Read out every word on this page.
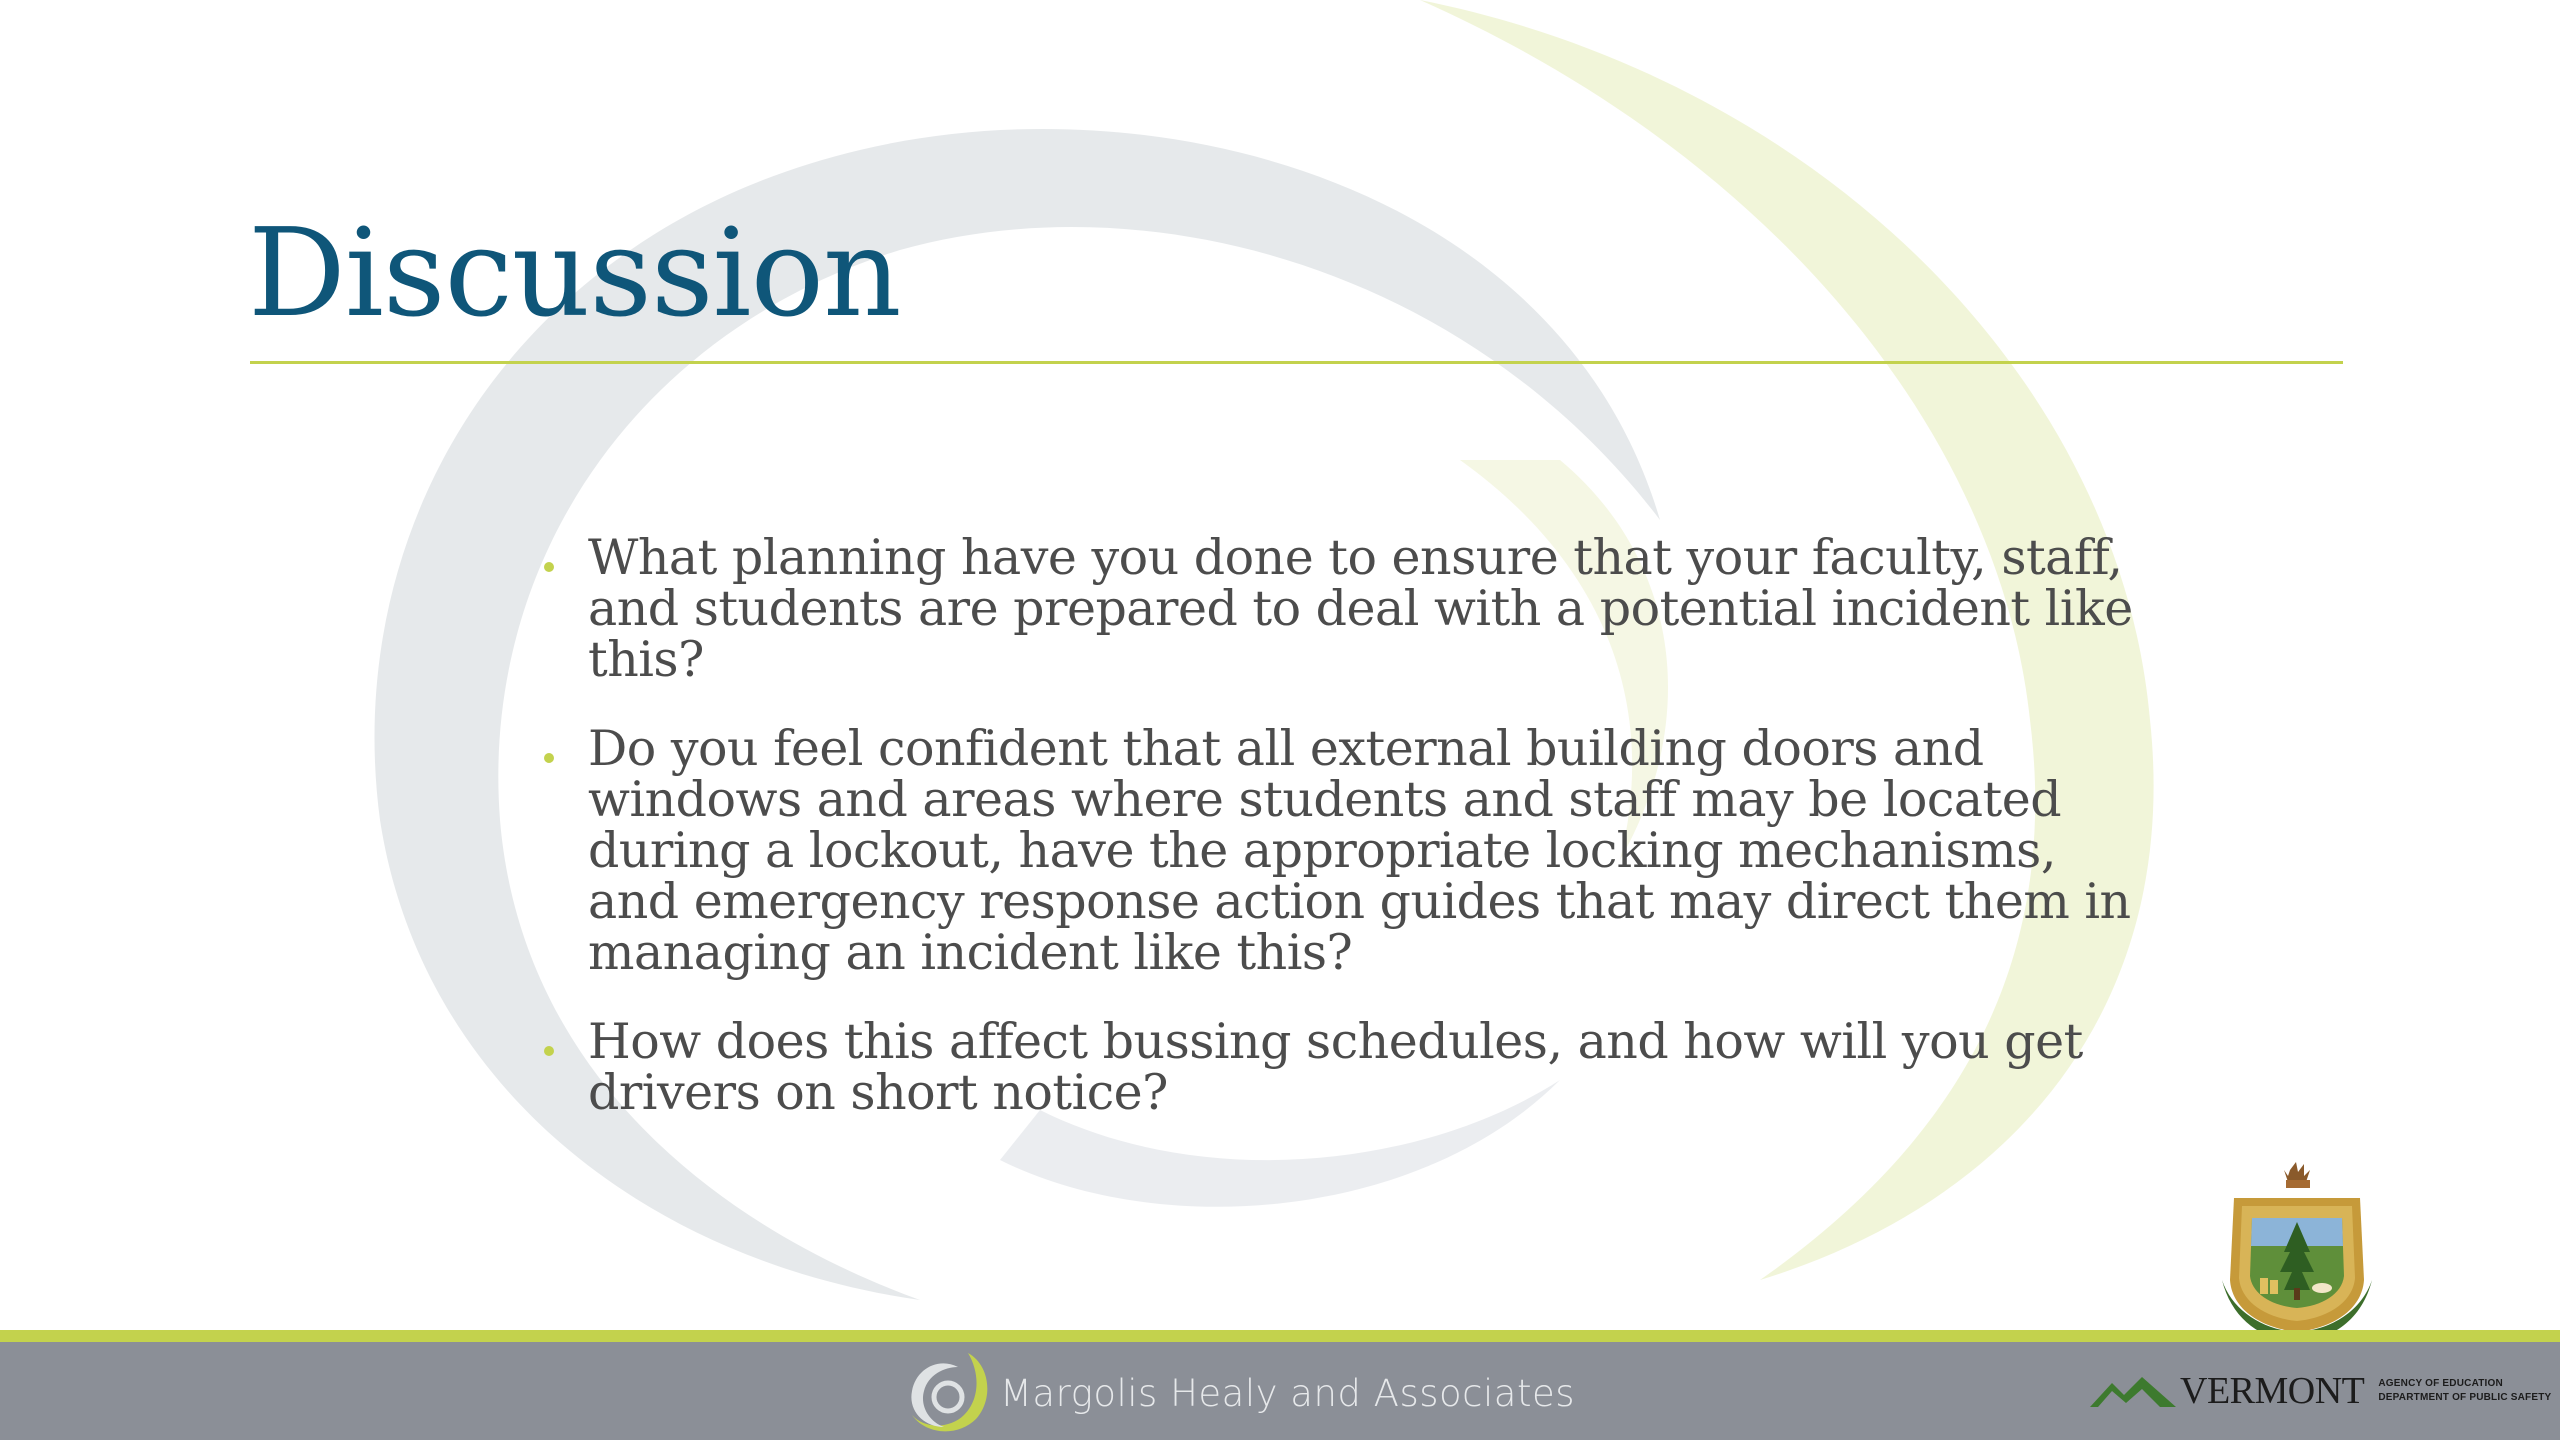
Discussion
What planning have you done to ensure that your faculty, staff, and students are prepared to deal with a potential incident like this?
Do you feel confident that all external building doors and windows and areas where students and staff may be located during a lockout, have the appropriate locking mechanisms, and emergency response action guides that may direct them in managing an incident like this?
How does this affect bussing schedules, and how will you get drivers on short notice?
Margolis Healy and Associates	VERMONT AGENCY OF EDUCATION
DEPARTMENT OF PUBLIC SAFETY
